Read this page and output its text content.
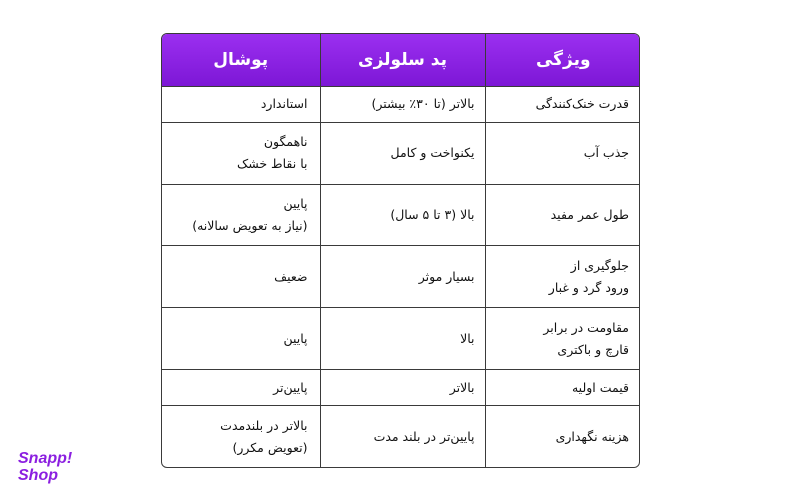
ویژگی	پد سلولزی	پوشال

قدرت خنک‌کنندگی	بالاتر (تا ۳۰٪ بیشتر)	استاندارد

جذب آب	یکنواخت و کامل	ناهمگون
با نقاط خشک

طول عمر مفید	بالا (۳ تا ۵ سال)	پایین
(نیاز به تعویض سالانه)

جلوگیری از
ورود گرد و غبار	بسیار موثر	ضعیف

مقاومت در برابر
قارچ و باکتری	بالا	پایین

قیمت اولیه	بالاتر	پایین‌تر

هزینه نگهداری	پایین‌تر در بلند مدت	بالاتر در بلندمدت
(تعویض مکرر)
Snapp!
Shop
